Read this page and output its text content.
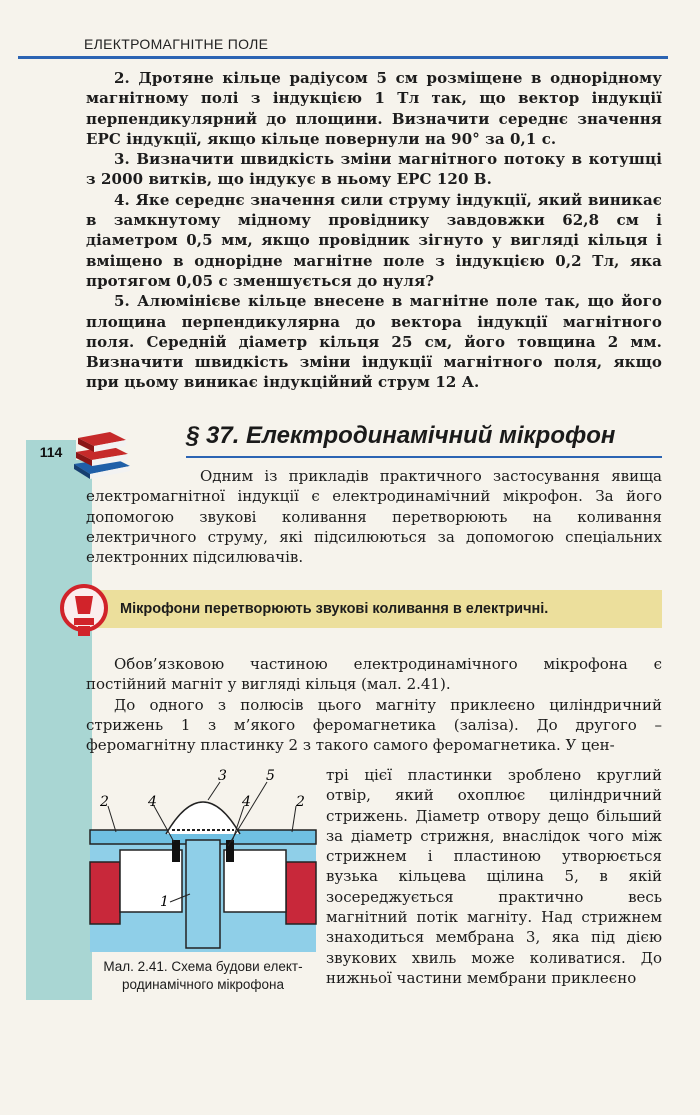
ЕЛЕКТРОМАГНІТНЕ ПОЛЕ

2. Дротяне кільце радіусом 5 см розміщене в однорідному магнітному полі з індукцією 1 Тл так, що вектор індукції перпендикулярний до площини. Визначити середнє значення ЕРС індукції, якщо кільце повернули на 90° за 0,1 с.

3. Визначити швидкість зміни магнітного потоку в котушці з 2000 витків, що індукує в ньому ЕРС 120 В.

4. Яке середнє значення сили струму індукції, який виникає в замкнутому мідному провіднику завдовжки 62,8 см і діаметром 0,5 мм, якщо провідник зігнуто у вигляді кільця і вміщено в однорідне магнітне поле з індукцією 0,2 Тл, яка протягом 0,05 с зменшується до нуля?

5. Алюмінієве кільце внесене в магнітне поле так, що його площина перпендикулярна до вектора індукції магнітного поля. Середній діаметр кільця 25 см, його товщина 2 мм. Визначити швидкість зміни індукції магнітного поля, якщо при цьому виникає індукційний струм 12 А.

114
§ 37. Електродинамічний мікрофон

Одним із прикладів практичного застосування явища електромагнітної індукції є електродинамічний мікрофон. За його допомогою звукові коливання перетворюють на коливання електричного струму, які підсилюються за допомогою спеціальних електронних підсилювачів.

Мікрофони перетворюють звукові коливання в електричні.

Обов’язковою частиною електродинамічного мікрофона є постійний магніт у вигляді кільця (мал. 2.41).

До одного з полюсів цього магніту приклеєно циліндричний стрижень 1 з м’якого феромагнетика (заліза). До другого – феромагнітну пластинку 2 з такого самого феромагнетика. У цен-

трі цієї пластинки зроблено круглий отвір, який охоплює циліндричний стрижень. Діаметр отвору дещо більший за діаметр стрижня, внаслідок чого між стрижнем і пластиною утворюється вузька кільцева щілина 5, в якій зосереджується практично весь магнітний потік магніту. Над стрижнем знаходиться мембрана 3, яка під дією звукових хвиль може коливатися. До нижньої частини мембрани приклеєно

2	4
3	5
4	2
1
Мал. 2.41. Схема будови елект-
родинамічного мікрофона
